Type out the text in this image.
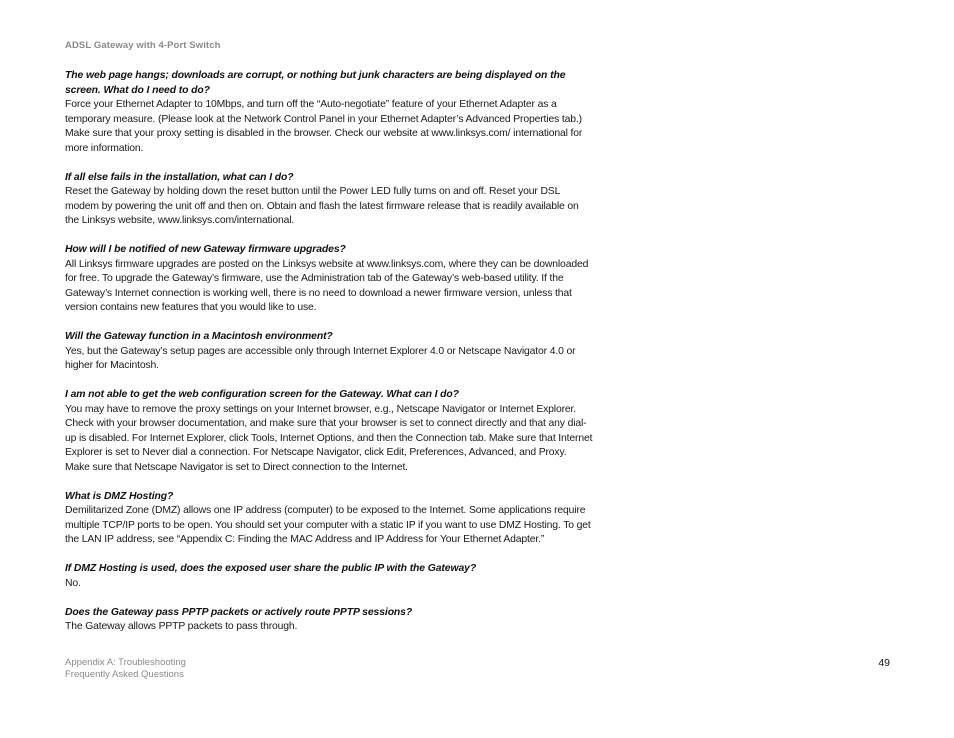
ADSL Gateway with 4-Port Switch

The web page hangs; downloads are corrupt, or nothing but junk characters are being displayed on the screen. What do I need to do?

Force your Ethernet Adapter to 10Mbps, and turn off the “Auto-negotiate” feature of your Ethernet Adapter as a temporary measure. (Please look at the Network Control Panel in your Ethernet Adapter’s Advanced Properties tab.) Make sure that your proxy setting is disabled in the browser. Check our website at www.linksys.com/ international for more information.

If all else fails in the installation, what can I do?

Reset the Gateway by holding down the reset button until the Power LED fully turns on and off. Reset your DSL modem by powering the unit off and then on. Obtain and flash the latest firmware release that is readily available on the Linksys website, www.linksys.com/international.

How will I be notified of new Gateway firmware upgrades?

All Linksys firmware upgrades are posted on the Linksys website at www.linksys.com, where they can be downloaded for free. To upgrade the Gateway’s firmware, use the Administration tab of the Gateway’s web-based utility. If the Gateway’s Internet connection is working well, there is no need to download a newer firmware version, unless that version contains new features that you would like to use.

Will the Gateway function in a Macintosh environment?

Yes, but the Gateway’s setup pages are accessible only through Internet Explorer 4.0 or Netscape Navigator 4.0 or higher for Macintosh.

I am not able to get the web configuration screen for the Gateway. What can I do?

You may have to remove the proxy settings on your Internet browser, e.g., Netscape Navigator or Internet Explorer. Check with your browser documentation, and make sure that your browser is set to connect directly and that any dial-up is disabled. For Internet Explorer, click Tools, Internet Options, and then the Connection tab. Make sure that Internet Explorer is set to Never dial a connection. For Netscape Navigator, click Edit, Preferences, Advanced, and Proxy. Make sure that Netscape Navigator is set to Direct connection to the Internet.

What is DMZ Hosting?

Demilitarized Zone (DMZ) allows one IP address (computer) to be exposed to the Internet. Some applications require multiple TCP/IP ports to be open. You should set your computer with a static IP if you want to use DMZ Hosting. To get the LAN IP address, see “Appendix C: Finding the MAC Address and IP Address for Your Ethernet Adapter.”

If DMZ Hosting is used, does the exposed user share the public IP with the Gateway?

No.

Does the Gateway pass PPTP packets or actively route PPTP sessions?

The Gateway allows PPTP packets to pass through.

Appendix A: Troubleshooting
Frequently Asked Questions
49
